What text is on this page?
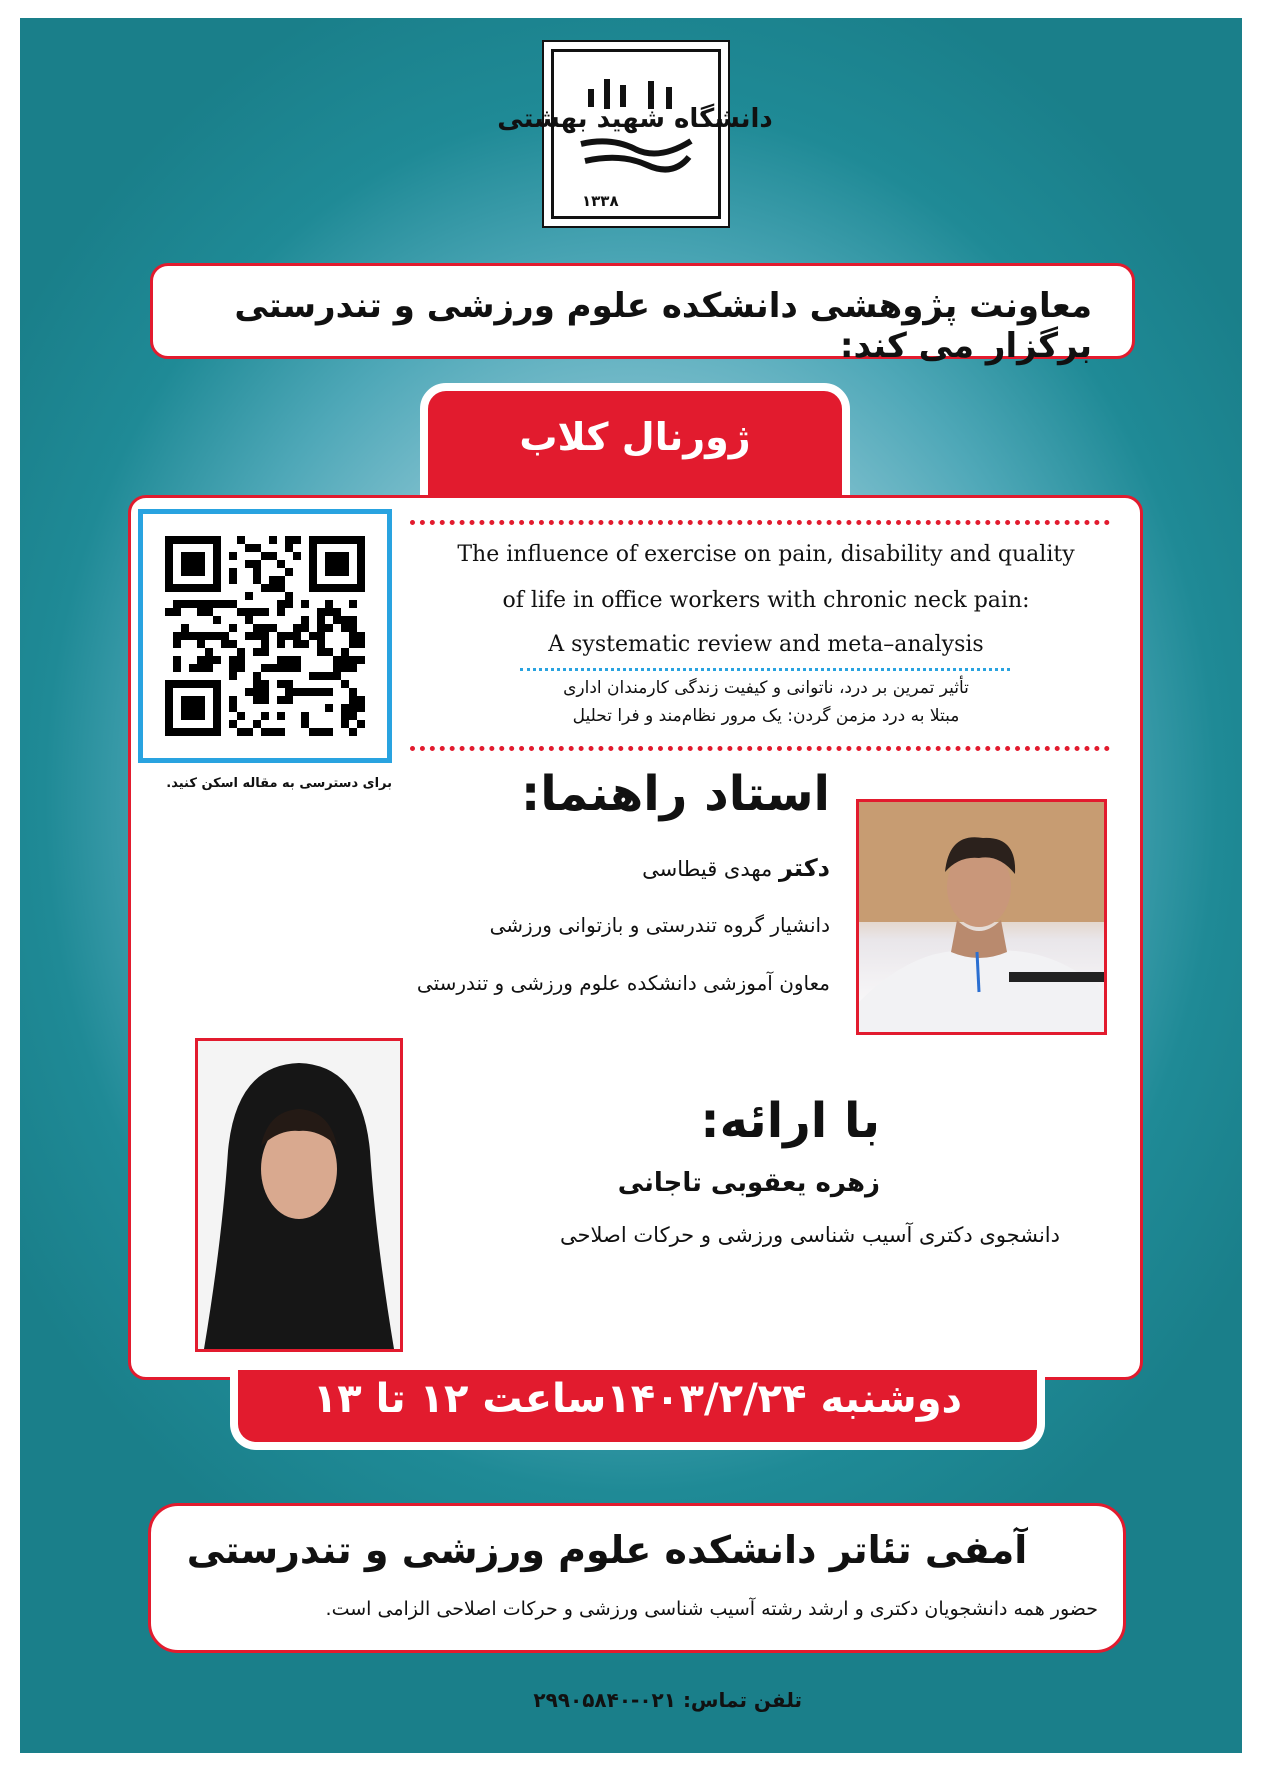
دانشگاه شهید بهشتی
۱۳۳۸
معاونت پژوهشی دانشکده علوم ورزشی و تندرستی برگزار می کند:
ژورنال کلاب
برای دسترسی به مقاله اسکن کنید.
The influence of exercise on pain, disability and quality
of life in office workers with chronic neck pain:
A systematic review and meta–analysis
تأثیر تمرین بر درد، ناتوانی و کیفیت زندگی کارمندان اداری
مبتلا به درد مزمن گردن: یک مرور نظام‌مند و فرا تحلیل
استاد راهنما:
دکتر مهدی قیطاسی
دانشیار گروه تندرستی و بازتوانی ورزشی
معاون آموزشی دانشکده علوم ورزشی و تندرستی
با ارائه:
زهره یعقوبی تاجانی
دانشجوی دکتری آسیب شناسی ورزشی و حرکات اصلاحی
دوشنبه ۱۴۰۳/۲/۲۴ساعت ۱۲ تا ۱۳
آمفی تئاتر دانشکده علوم ورزشی و تندرستی
حضور همه دانشجویان دکتری و ارشد رشته آسیب شناسی ورزشی و حرکات اصلاحی الزامی است.
تلفن تماس: ۰۲۱-۲۹۹۰۵۸۴۰
